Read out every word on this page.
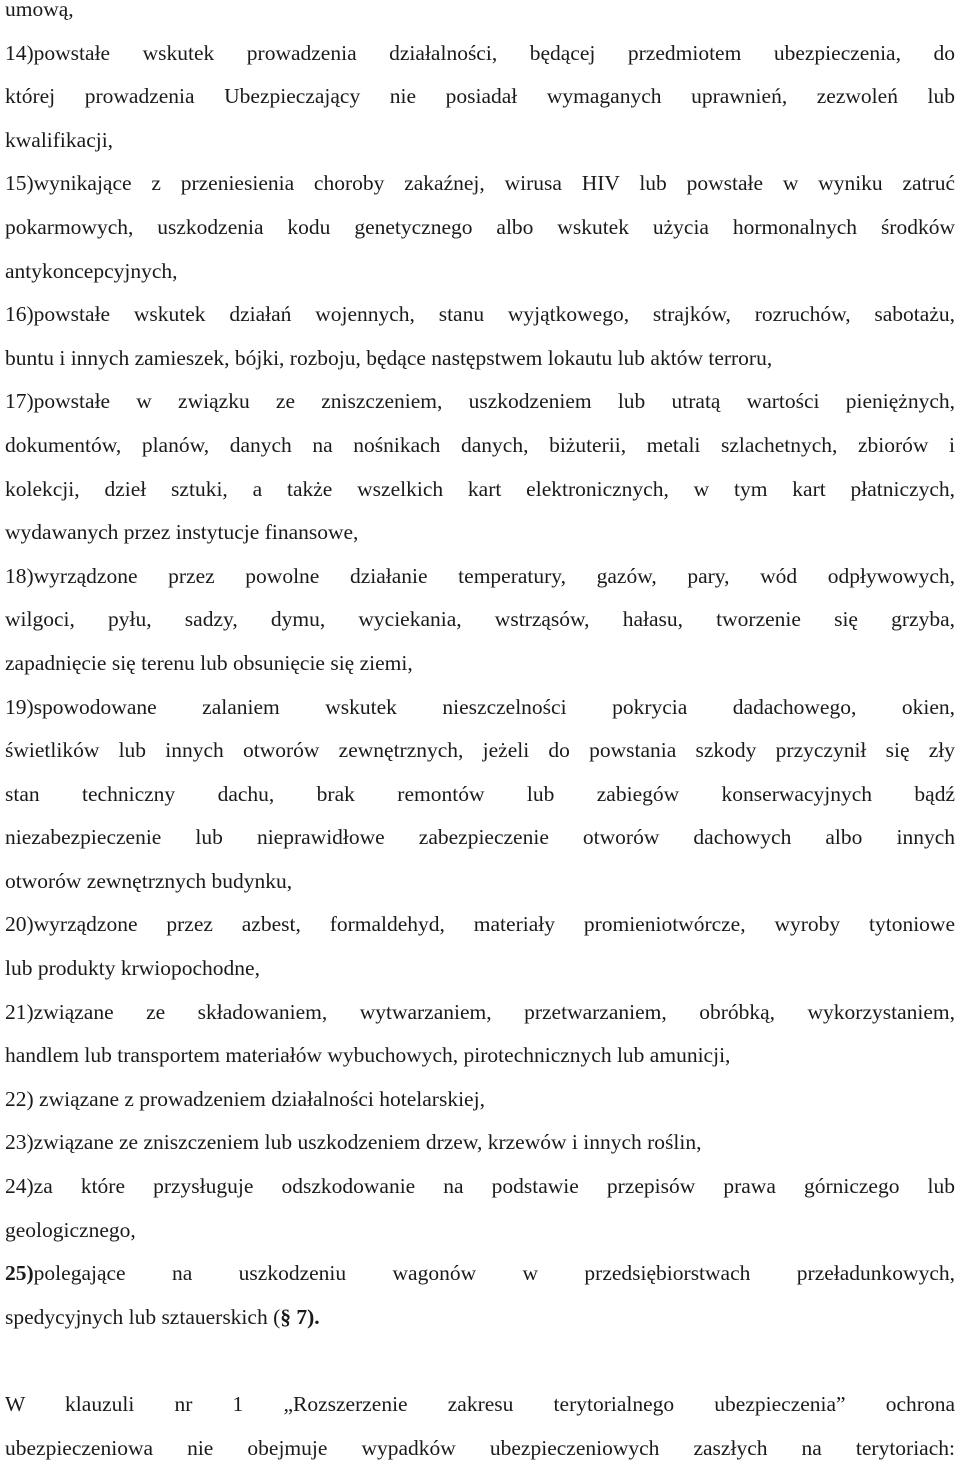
umową,
14)powstałe wskutek prowadzenia działalności, będącej przedmiotem ubezpieczenia, do
której prowadzenia Ubezpieczający nie posiadał wymaganych uprawnień, zezwoleń lub
kwalifikacji,
15)wynikające z przeniesienia choroby zakaźnej, wirusa HIV lub powstałe w wyniku zatruć
pokarmowych, uszkodzenia kodu genetycznego albo wskutek użycia hormonalnych środków
antykoncepcyjnych,
16)powstałe wskutek działań wojennych, stanu wyjątkowego, strajków, rozruchów, sabotażu,
buntu i innych zamieszek, bójki, rozboju, będące następstwem lokautu lub aktów terroru,
17)powstałe w związku ze zniszczeniem, uszkodzeniem lub utratą wartości pieniężnych,
dokumentów, planów, danych na nośnikach danych, biżuterii, metali szlachetnych, zbiorów i
kolekcji, dzieł sztuki, a także wszelkich kart elektronicznych, w tym kart płatniczych,
wydawanych przez instytucje finansowe,
18)wyrządzone przez powolne działanie temperatury, gazów, pary, wód odpływowych,
wilgoci, pyłu, sadzy, dymu, wyciekania, wstrząsów, hałasu, tworzenie się grzyba,
zapadnięcie się terenu lub obsunięcie się ziemi,
19)spowodowane zalaniem wskutek nieszczelności pokrycia dadachowego, okien,
świetlików lub innych otworów zewnętrznych, jeżeli do powstania szkody przyczynił się zły
stan techniczny dachu, brak remontów lub zabiegów konserwacyjnych bądź
niezabezpieczenie lub nieprawidłowe zabezpieczenie otworów dachowych albo innych
otworów zewnętrznych budynku,
20)wyrządzone przez azbest, formaldehyd, materiały promieniotwórcze, wyroby tytoniowe
lub produkty krwiopochodne,
21)związane ze składowaniem, wytwarzaniem, przetwarzaniem, obróbką, wykorzystaniem,
handlem lub transportem materiałów wybuchowych, pirotechnicznych lub amunicji,
22) związane z prowadzeniem działalności hotelarskiej,
23)związane ze zniszczeniem lub uszkodzeniem drzew, krzewów i innych roślin,
24)za które przysługuje odszkodowanie na podstawie przepisów prawa górniczego lub
geologicznego,
25)polegające na uszkodzeniu wagonów w przedsiębiorstwach przeładunkowych,
spedycyjnych lub sztauerskich (§ 7).
W klauzuli nr 1 „Rozszerzenie zakresu terytorialnego ubezpieczenia” ochrona
ubezpieczeniowa nie obejmuje wypadków ubezpieczeniowych zaszłych na terytoriach:
